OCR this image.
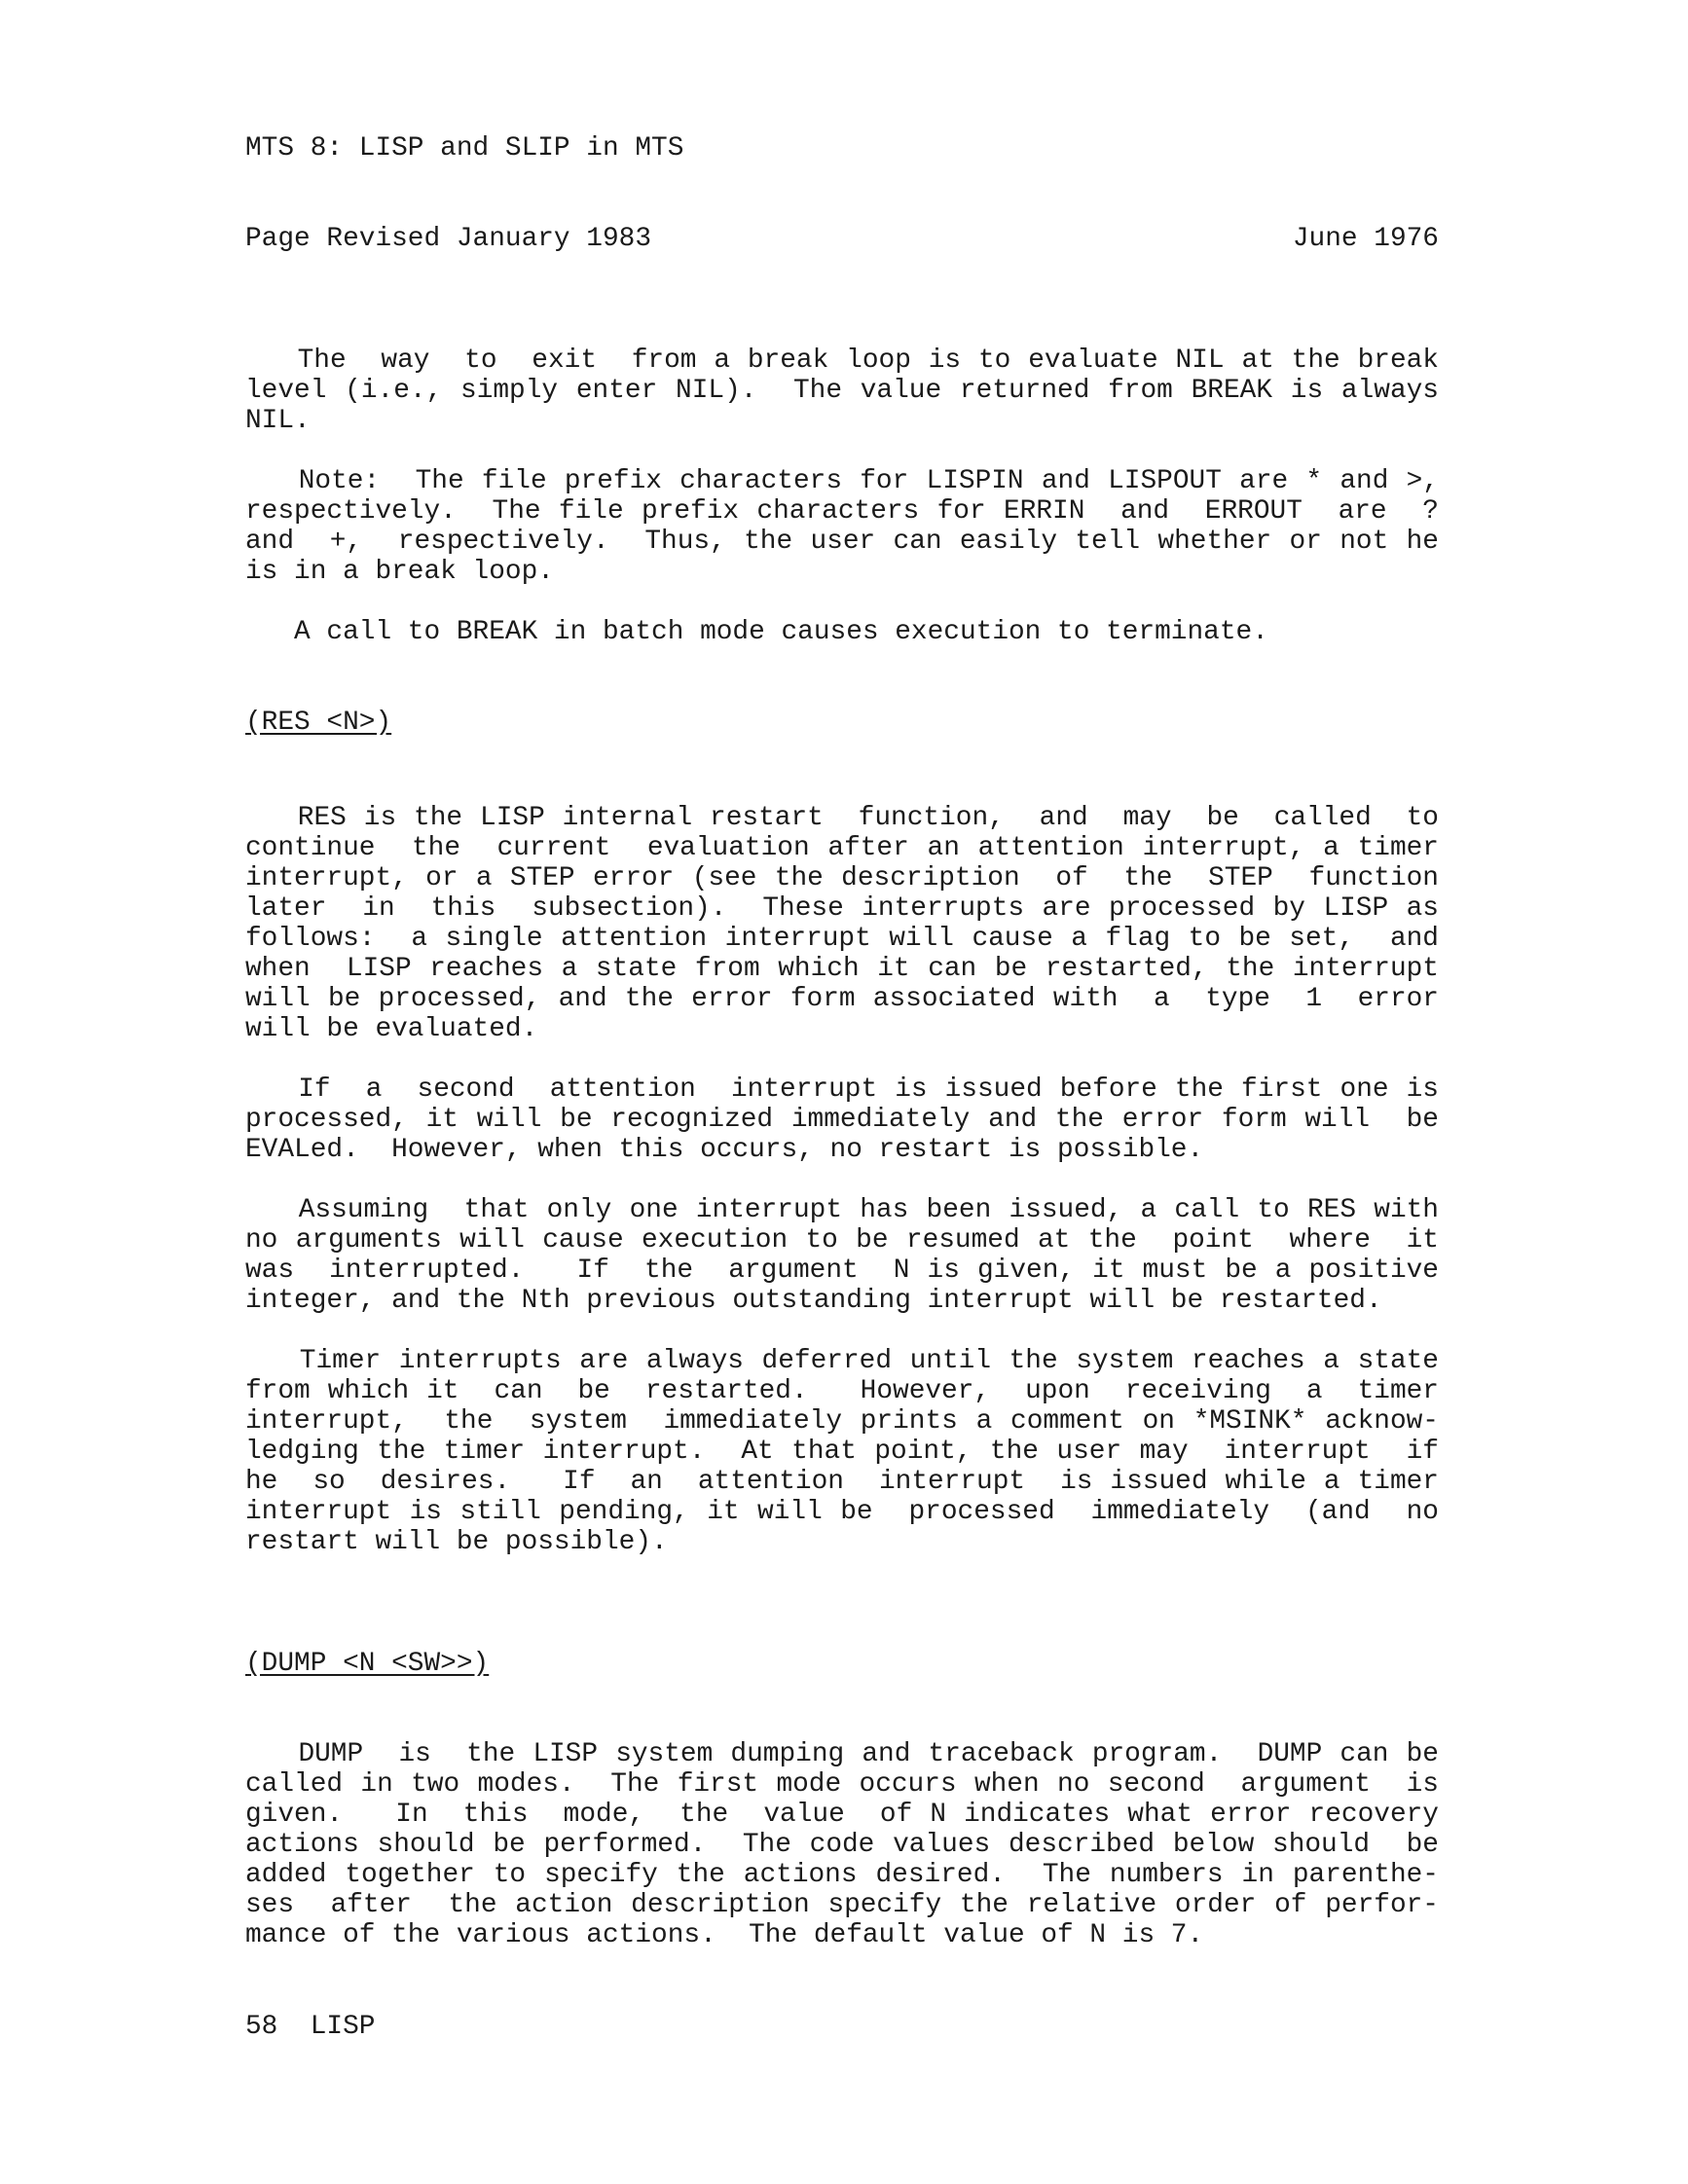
MTS 8: LISP and SLIP in MTS
Page Revised January 1983	June 1976
The  way  to  exit  from a break loop is to evaluate NIL at the break
level (i.e., simply enter NIL).  The value returned from BREAK is always
NIL.
Note:  The file prefix characters for LISPIN and LISPOUT are * and >,
respectively.  The file prefix characters for ERRIN  and  ERROUT  are  ?
and  +,  respectively.  Thus, the user can easily tell whether or not he
is in a break loop.
A call to BREAK in batch mode causes execution to terminate.
(RES <N>)
RES is the LISP internal restart  function,  and  may  be  called  to
continue  the  current  evaluation after an attention interrupt, a timer
interrupt, or a STEP error (see the description  of  the  STEP  function
later  in  this  subsection).  These interrupts are processed by LISP as
follows:  a single attention interrupt will cause a flag to be set,  and
when  LISP reaches a state from which it can be restarted, the interrupt
will be processed, and the error form associated with  a  type  1  error
will be evaluated.
If  a  second  attention  interrupt is issued before the first one is
processed, it will be recognized immediately and the error form will  be
EVALed.  However, when this occurs, no restart is possible.
Assuming  that only one interrupt has been issued, a call to RES with
no arguments will cause execution to be resumed at the  point  where  it
was  interrupted.   If  the  argument  N is given, it must be a positive
integer, and the Nth previous outstanding interrupt will be restarted.
Timer interrupts are always deferred until the system reaches a state
from which it  can  be  restarted.   However,  upon  receiving  a  timer
interrupt,  the  system  immediately prints a comment on *MSINK* acknow-
ledging the timer interrupt.  At that point, the user may  interrupt  if
he  so  desires.   If  an  attention  interrupt  is issued while a timer
interrupt is still pending, it will be  processed  immediately  (and  no
restart will be possible).
(DUMP <N <SW>>)
DUMP  is  the LISP system dumping and traceback program.  DUMP can be
called in two modes.  The first mode occurs when no second  argument  is
given.   In  this  mode,  the  value  of N indicates what error recovery
actions should be performed.  The code values described below should  be
added together to specify the actions desired.  The numbers in parenthe-
ses  after  the action description specify the relative order of perfor-
mance of the various actions.  The default value of N is 7.
58  LISP
